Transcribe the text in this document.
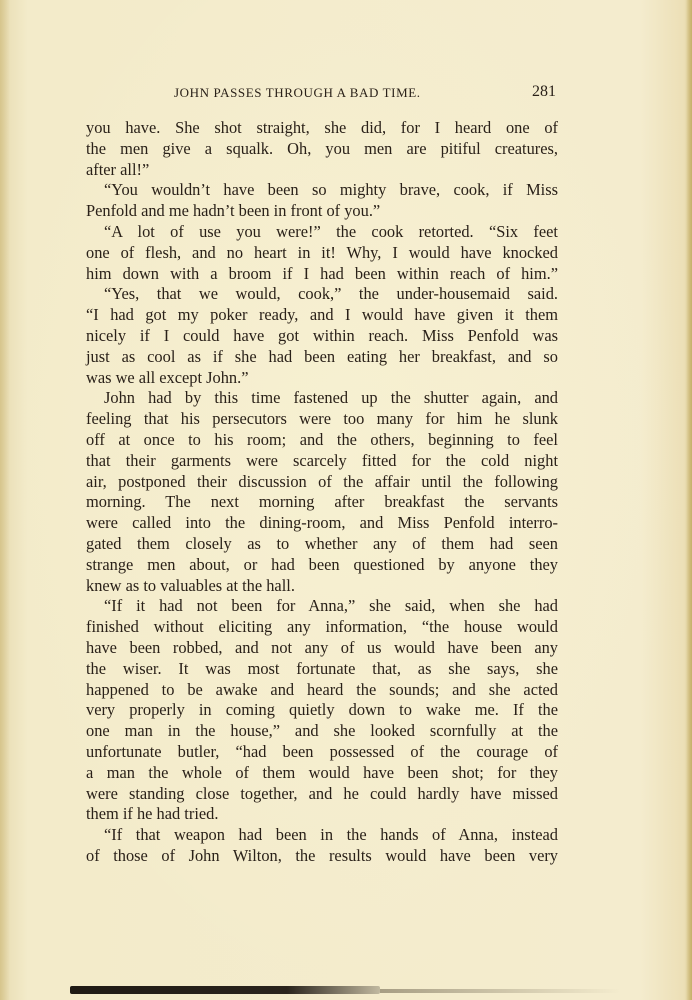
JOHN PASSES THROUGH A BAD TIME.	281
you have. She shot straight, she did, for I heard one of
the men give a squalk. Oh, you men are pitiful creatures,
after all!”
“You wouldn’t have been so mighty brave, cook, if Miss
Penfold and me hadn’t been in front of you.”
“A lot of use you were!” the cook retorted. “Six feet
one of flesh, and no heart in it! Why, I would have knocked
him down with a broom if I had been within reach of him.”
“Yes, that we would, cook,” the under-housemaid said.
“I had got my poker ready, and I would have given it them
nicely if I could have got within reach. Miss Penfold was
just as cool as if she had been eating her breakfast, and so
was we all except John.”
John had by this time fastened up the shutter again, and
feeling that his persecutors were too many for him he slunk
off at once to his room; and the others, beginning to feel
that their garments were scarcely fitted for the cold night
air, postponed their discussion of the affair until the following
morning. The next morning after breakfast the servants
were called into the dining-room, and Miss Penfold interro-
gated them closely as to whether any of them had seen
strange men about, or had been questioned by anyone they
knew as to valuables at the hall.
“If it had not been for Anna,” she said, when she had
finished without eliciting any information, “the house would
have been robbed, and not any of us would have been any
the wiser. It was most fortunate that, as she says, she
happened to be awake and heard the sounds; and she acted
very properly in coming quietly down to wake me. If the
one man in the house,” and she looked scornfully at the
unfortunate butler, “had been possessed of the courage of
a man the whole of them would have been shot; for they
were standing close together, and he could hardly have missed
them if he had tried.
“If that weapon had been in the hands of Anna, instead
of those of John Wilton, the results would have been very
